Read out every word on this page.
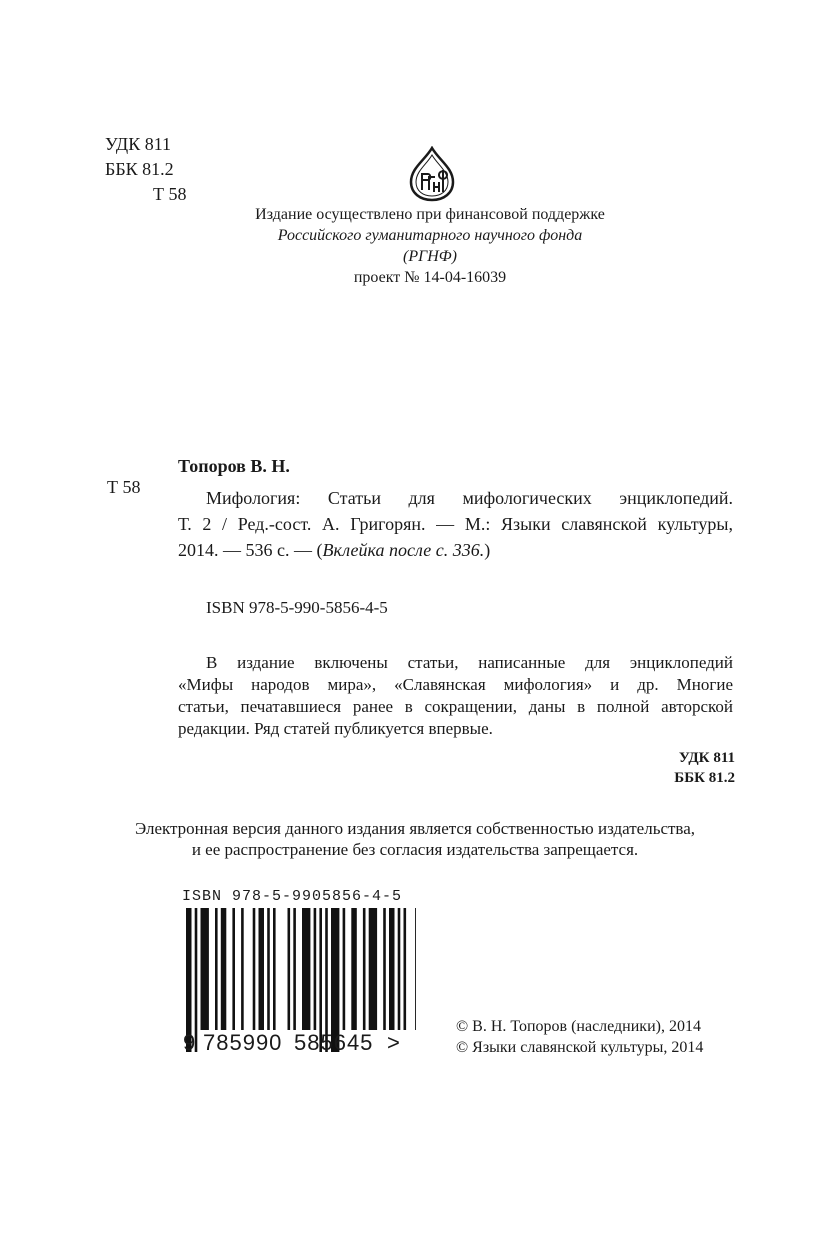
УДК 811
ББК 81.2
Т 58
Издание осуществлено при финансовой поддержке
Российского гуманитарного научного фонда
(РГНФ)
проект № 14-04-16039
Топоров В. Н.
Т 58
Мифология: Статьи для мифологических энциклопедий.
Т. 2 / Ред.-сост. А. Григорян. — М.: Языки славянской культуры,
2014. — 536 с. — (Вклейка после с. 336.)
ISBN 978-5-990-5856-4-5
В издание включены статьи, написанные для энциклопедий
«Мифы народов мира», «Славянская мифология» и др. Многие
статьи, печатавшиеся ранее в сокращении, даны в полной авторской
редакции. Ряд статей публикуется впервые.
УДК 811
ББК 81.2
Электронная версия данного издания является собственностью издательства,
и ее распространение без согласия издательства запрещается.
ISBN 978-5-9905856-4-5
9 785990 585645 >
© В. Н. Топоров (наследники), 2014
© Языки славянской культуры, 2014
